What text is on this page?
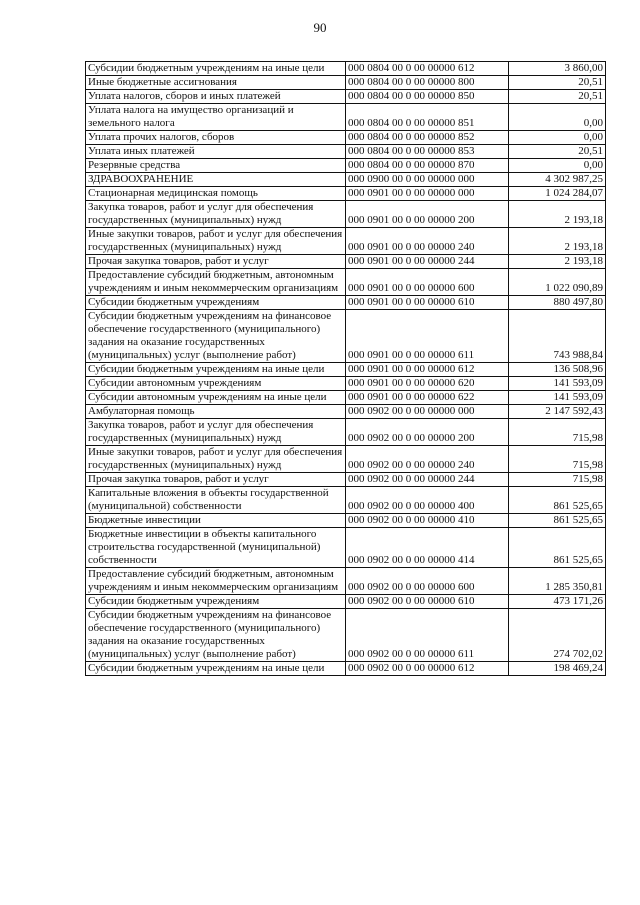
90
Субсидии бюджетным учреждениям на иные цели	000 0804 00 0 00 00000 612	3 860,00
Иные бюджетные ассигнования	000 0804 00 0 00 00000 800	20,51
Уплата налогов, сборов и иных платежей	000 0804 00 0 00 00000 850	20,51
Уплата налога на имущество организаций и земельного налога	000 0804 00 0 00 00000 851	0,00
Уплата прочих налогов, сборов	000 0804 00 0 00 00000 852	0,00
Уплата иных платежей	000 0804 00 0 00 00000 853	20,51
Резервные средства	000 0804 00 0 00 00000 870	0,00
ЗДРАВООХРАНЕНИЕ	000 0900 00 0 00 00000 000	4 302 987,25
Стационарная медицинская помощь	000 0901 00 0 00 00000 000	1 024 284,07
Закупка товаров, работ и услуг для обеспечения государственных (муниципальных) нужд	000 0901 00 0 00 00000 200	2 193,18
Иные закупки товаров, работ и услуг для обеспечения государственных (муниципальных) нужд	000 0901 00 0 00 00000 240	2 193,18
Прочая закупка товаров, работ и услуг	000 0901 00 0 00 00000 244	2 193,18
Предоставление субсидий бюджетным, автономным учреждениям и иным некоммерческим организациям	000 0901 00 0 00 00000 600	1 022 090,89
Субсидии бюджетным учреждениям	000 0901 00 0 00 00000 610	880 497,80
Субсидии бюджетным учреждениям на финансовое обеспечение государственного (муниципального) задания на оказание государственных (муниципальных) услуг (выполнение работ)	000 0901 00 0 00 00000 611	743 988,84
Субсидии бюджетным учреждениям на иные цели	000 0901 00 0 00 00000 612	136 508,96
Субсидии автономным учреждениям	000 0901 00 0 00 00000 620	141 593,09
Субсидии автономным учреждениям на иные цели	000 0901 00 0 00 00000 622	141 593,09
Амбулаторная помощь	000 0902 00 0 00 00000 000	2 147 592,43
Закупка товаров, работ и услуг для обеспечения государственных (муниципальных) нужд	000 0902 00 0 00 00000 200	715,98
Иные закупки товаров, работ и услуг для обеспечения государственных (муниципальных) нужд	000 0902 00 0 00 00000 240	715,98
Прочая закупка товаров, работ и услуг	000 0902 00 0 00 00000 244	715,98
Капитальные вложения в объекты государственной (муниципальной) собственности	000 0902 00 0 00 00000 400	861 525,65
Бюджетные инвестиции	000 0902 00 0 00 00000 410	861 525,65
Бюджетные инвестиции в объекты капитального строительства государственной (муниципальной) собственности	000 0902 00 0 00 00000 414	861 525,65
Предоставление субсидий бюджетным, автономным учреждениям и иным некоммерческим организациям	000 0902 00 0 00 00000 600	1 285 350,81
Субсидии бюджетным учреждениям	000 0902 00 0 00 00000 610	473 171,26
Субсидии бюджетным учреждениям на финансовое обеспечение государственного (муниципального) задания на оказание государственных (муниципальных) услуг (выполнение работ)	000 0902 00 0 00 00000 611	274 702,02
Субсидии бюджетным учреждениям на иные цели	000 0902 00 0 00 00000 612	198 469,24
